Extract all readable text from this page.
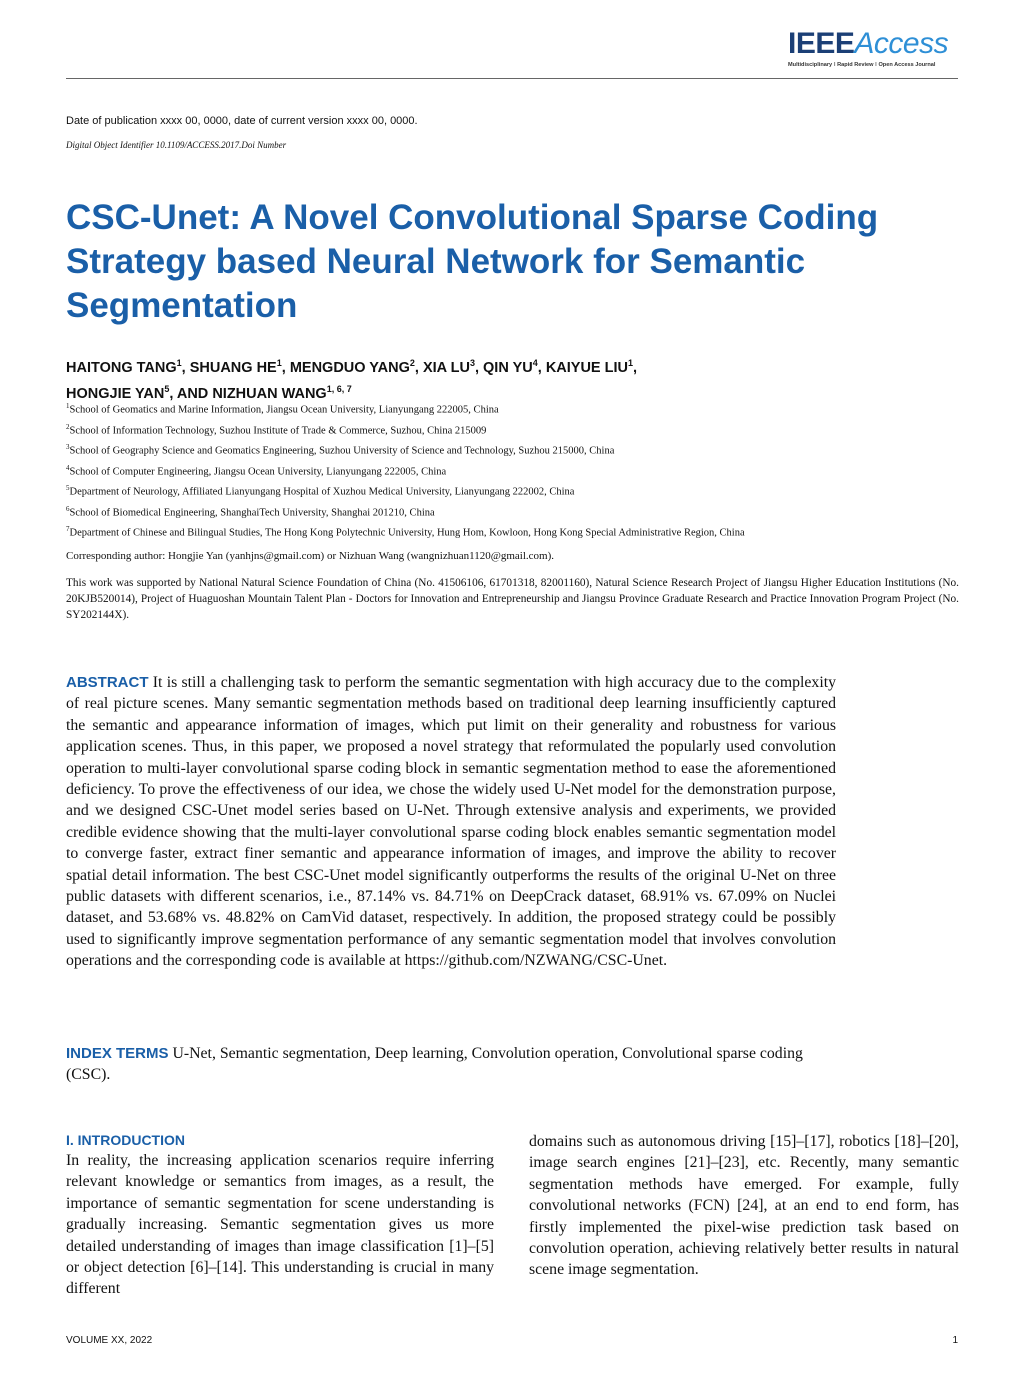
IEEEAccess
Multidisciplinary ⁞ Rapid Review ⁞ Open Access Journal
Date of publication xxxx 00, 0000, date of current version xxxx 00, 0000.
Digital Object Identifier 10.1109/ACCESS.2017.Doi Number
CSC-Unet: A Novel Convolutional Sparse Coding Strategy based Neural Network for Semantic Segmentation
HAITONG TANG$^1$, SHUANG $HE^1$, MENGDUO YANG$^2$, XIA $LU^3$, QIN $YU^4$, KAIYUE LIU$^1$,
HONGJIE YAN$^5$, AND NIZHUAN WANG$^{1, 6, 7}$
$^1$School of Geomatics and Marine Information, Jiangsu Ocean University, Lianyungang 222005, China
$^2$School of Information Technology, Suzhou Institute of Trade & Commerce, Suzhou, China 215009
$^3$School of Geography Science and Geomatics Engineering, Suzhou University of Science and Technology, Suzhou 215000, China
$^4$School of Computer Engineering, Jiangsu Ocean University, Lianyungang 222005, China
$^5$Department of Neurology, Affiliated Lianyungang Hospital of Xuzhou Medical University, Lianyungang 222002, China
$^6$School of Biomedical Engineering, ShanghaiTech University, Shanghai 201210, China
$^7$Department of Chinese and Bilingual Studies, The Hong Kong Polytechnic University, Hung Hom, Kowloon, Hong Kong Special Administrative Region, China
Corresponding author: Hongjie Yan (yanhjns@gmail.com) or Nizhuan Wang (wangnizhuan1120@gmail.com).
This work was supported by National Natural Science Foundation of China (No. 41506106, 61701318, 82001160), Natural Science Research Project of Jiangsu Higher Education Institutions (No. 20KJB520014), Project of Huaguoshan Mountain Talent Plan - Doctors for Innovation and Entrepreneurship and Jiangsu Province Graduate Research and Practice Innovation Program Project (No. SY202144X).
ABSTRACT It is still a challenging task to perform the semantic segmentation with high accuracy due to the complexity of real picture scenes. Many semantic segmentation methods based on traditional deep learning insufficiently captured the semantic and appearance information of images, which put limit on their generality and robustness for various application scenes. Thus, in this paper, we proposed a novel strategy that reformulated the popularly used convolution operation to multi-layer convolutional sparse coding block in semantic segmentation method to ease the aforementioned deficiency. To prove the effectiveness of our idea, we chose the widely used U-Net model for the demonstration purpose, and we designed CSC-Unet model series based on U-Net. Through extensive analysis and experiments, we provided credible evidence showing that the multi-layer convolutional sparse coding block enables semantic segmentation model to converge faster, extract finer semantic and appearance information of images, and improve the ability to recover spatial detail information. The best CSC-Unet model significantly outperforms the results of the original U-Net on three public datasets with different scenarios, i.e., 87.14% vs. 84.71% on DeepCrack dataset, 68.91% vs. 67.09% on Nuclei dataset, and 53.68% vs. 48.82% on CamVid dataset, respectively. In addition, the proposed strategy could be possibly used to significantly improve segmentation performance of any semantic segmentation model that involves convolution operations and the corresponding code is available at https://github.com/NZWANG/CSC-Unet.
INDEX TERMS U-Net, Semantic segmentation, Deep learning, Convolution operation, Convolutional sparse coding (CSC).
I. INTRODUCTION
In reality, the increasing application scenarios require inferring relevant knowledge or semantics from images, as a result, the importance of semantic segmentation for scene understanding is gradually increasing. Semantic segmentation gives us more detailed understanding of images than image classification [1]–[5] or object detection [6]–[14]. This understanding is crucial in many different
domains such as autonomous driving [15]–[17], robotics [18]–[20], image search engines [21]–[23], etc. Recently, many semantic segmentation methods have emerged. For example, fully convolutional networks (FCN) [24], at an end to end form, has firstly implemented the pixel-wise prediction task based on convolution operation, achieving relatively better results in natural scene image segmentation.
VOLUME XX, 2022	1
